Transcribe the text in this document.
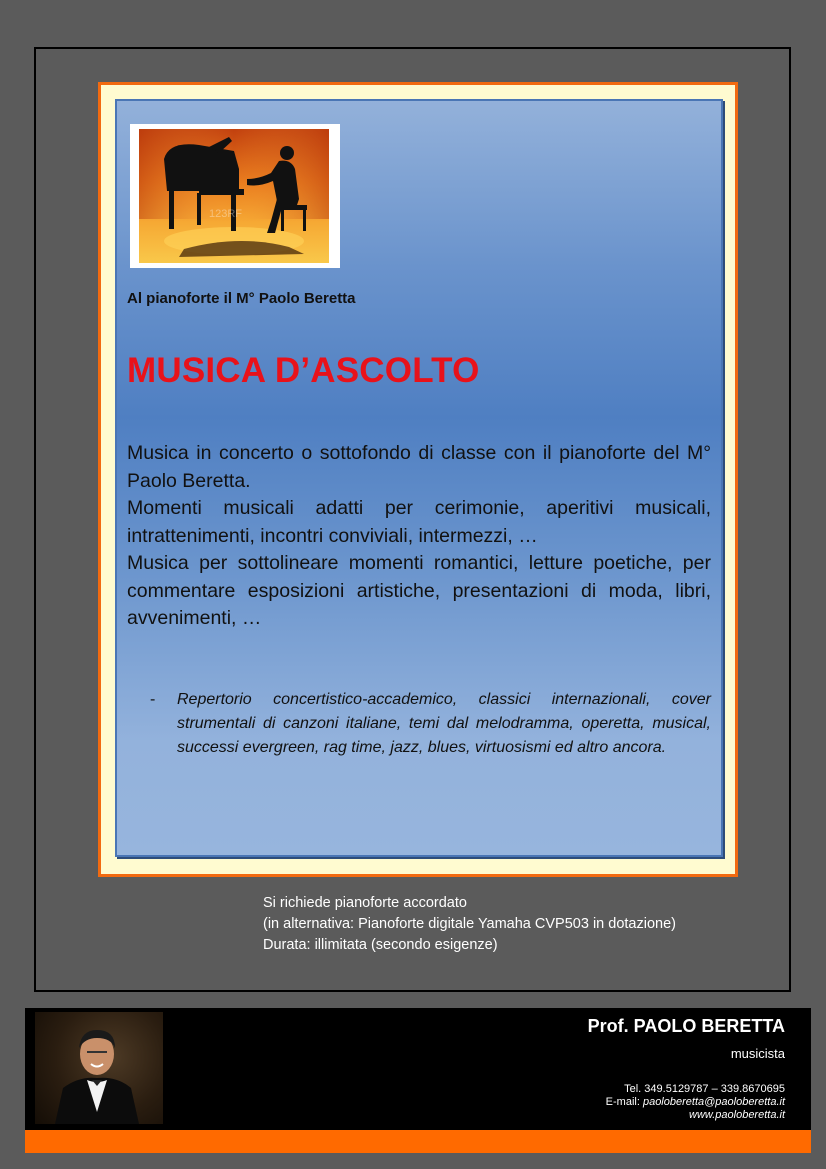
123RF
Al pianoforte il M° Paolo Beretta
MUSICA D’ASCOLTO

Musica in concerto o sottofondo di classe con il pianoforte del M° Paolo Beretta.

Momenti musicali adatti per cerimonie, aperitivi musicali, intrattenimenti, incontri conviviali, intermezzi, …

Musica per sottolineare momenti romantici, letture poetiche, per commentare esposizioni artistiche, presentazioni di moda, libri, avvenimenti, …

- Repertorio concertistico-accademico, classici internazionali, cover strumentali di canzoni italiane, temi dal melodramma, operetta, musical, successi evergreen, rag time, jazz, blues, virtuosismi ed altro ancora.
Si richiede pianoforte accordato
(in alternativa: Pianoforte digitale Yamaha CVP503 in dotazione)
Durata: illimitata (secondo esigenze)
Prof. PAOLO BERETTA
musicista
Tel. 349.5129787 – 339.8670695
E-mail: paoloberetta@paoloberetta.it
www.paoloberetta.it
